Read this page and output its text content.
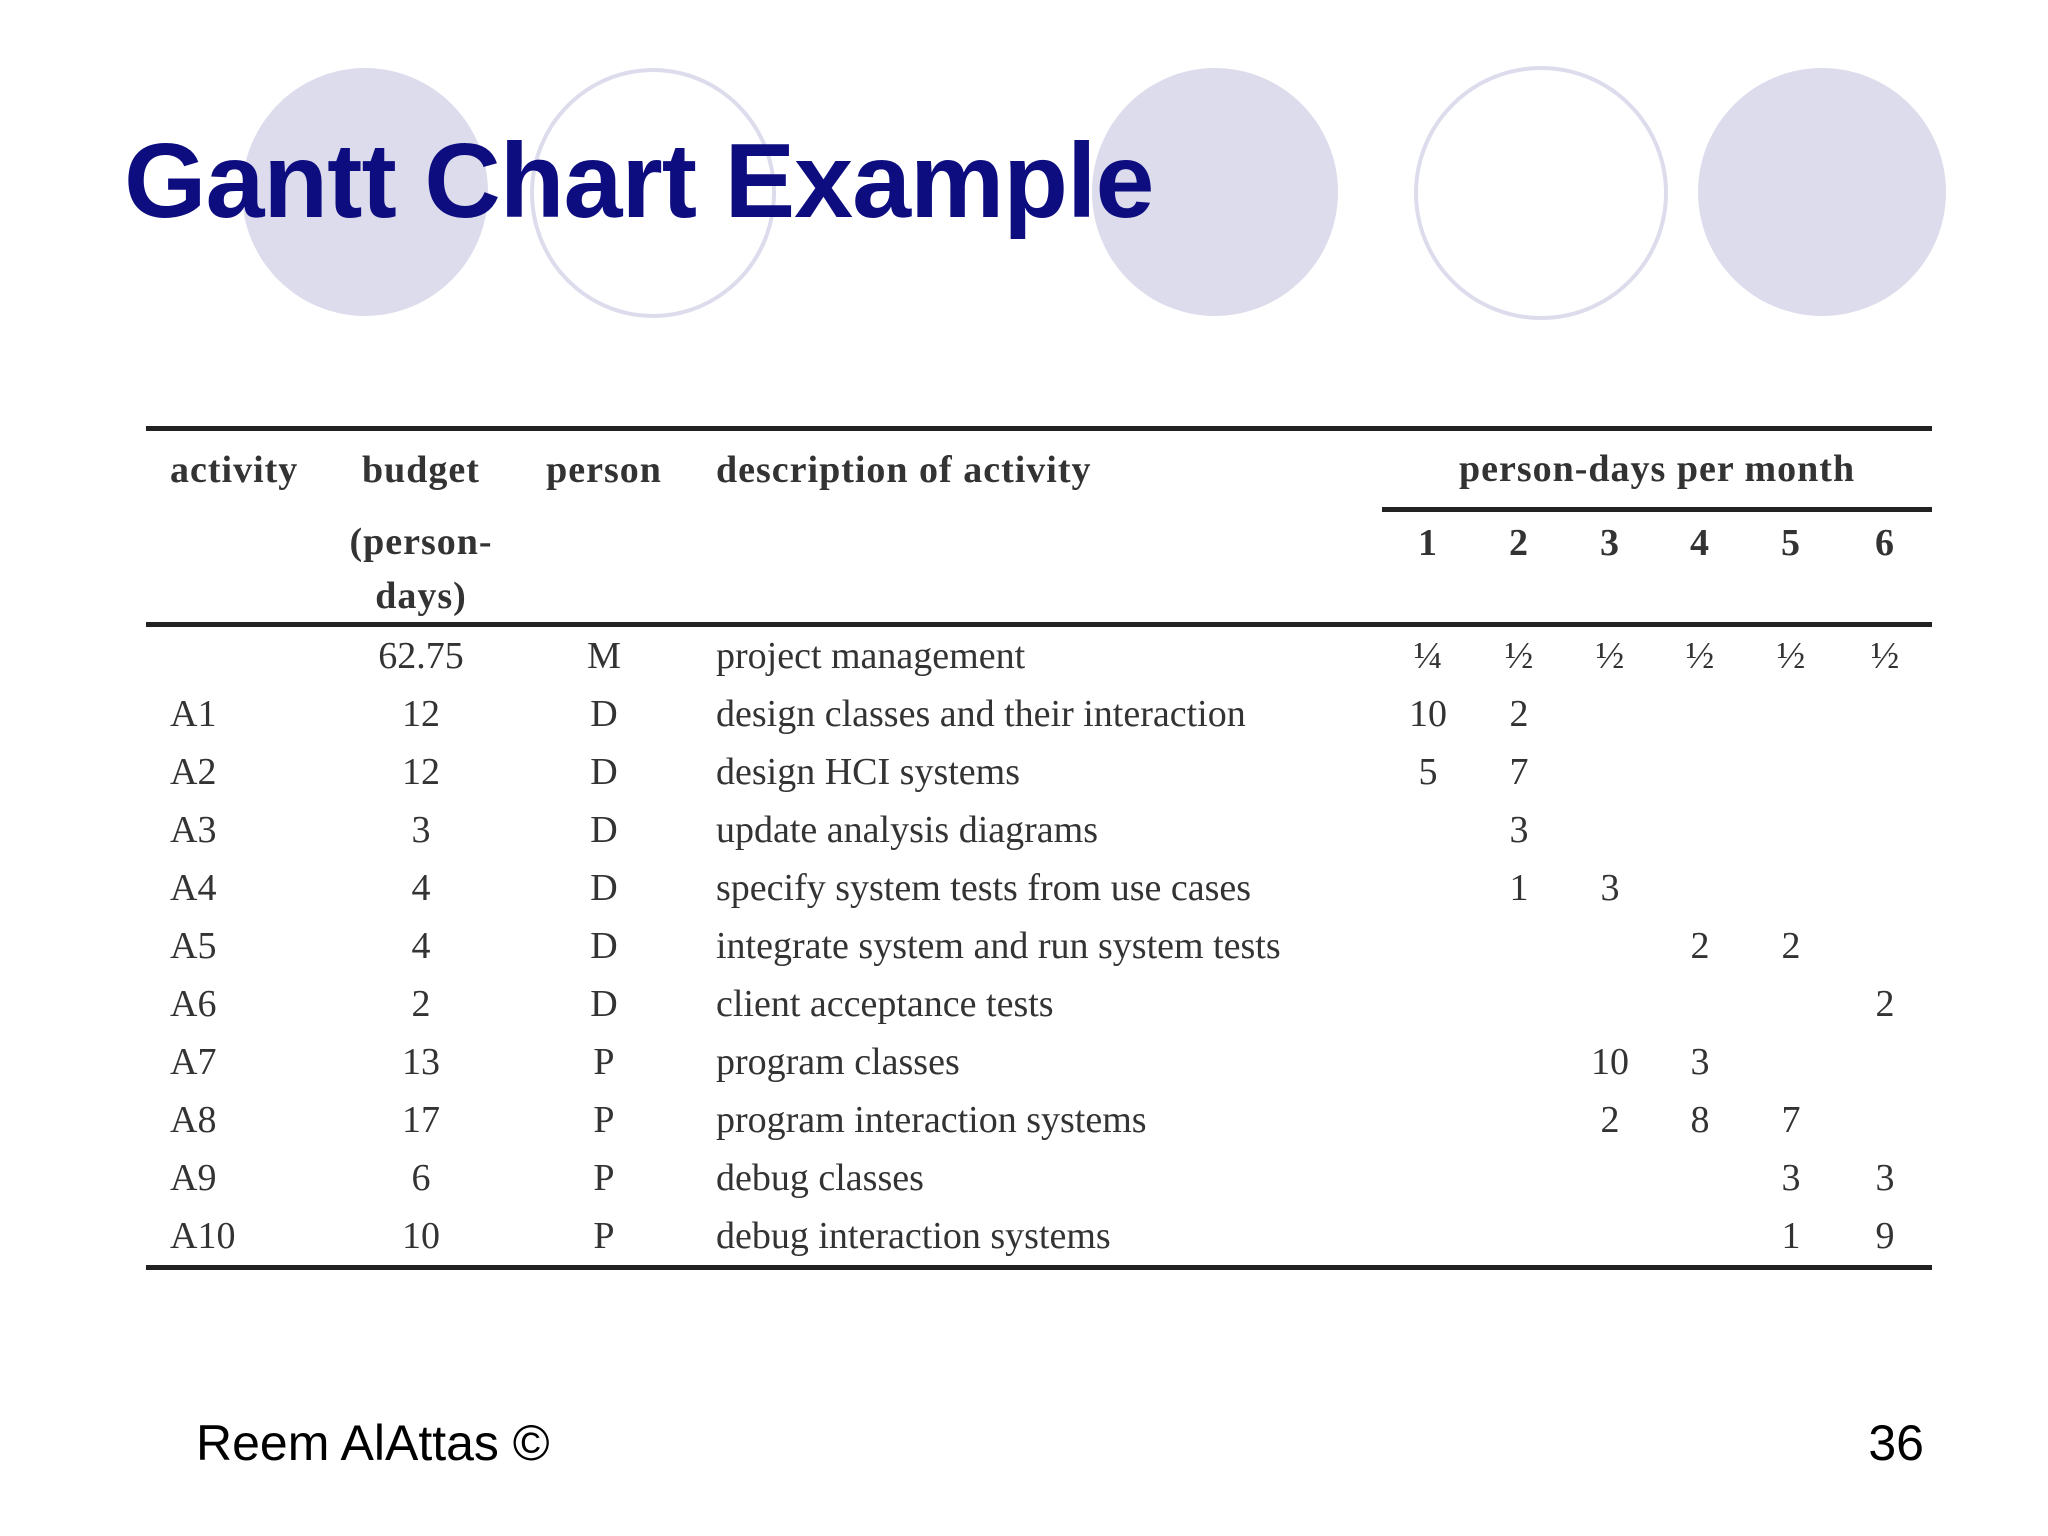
Gantt Chart Example
activity	budget	person	description of activity	person-days per month					
	(person-			1	2	3	4	5	6
	days)								
	62.75	M	project management	¼	½	½	½	½	½
A1	12	D	design classes and their interaction	10	2				
A2	12	D	design HCI systems	5	7				
A3	3	D	update analysis diagrams		3				
A4	4	D	specify system tests from use cases		1	3			
A5	4	D	integrate system and run system tests				2	2	
A6	2	D	client acceptance tests						2
A7	13	P	program classes			10	3		
A8	17	P	program interaction systems			2	8	7	
A9	6	P	debug classes					3	3
A10	10	P	debug interaction systems					1	9
Reem AlAttas ©	36
